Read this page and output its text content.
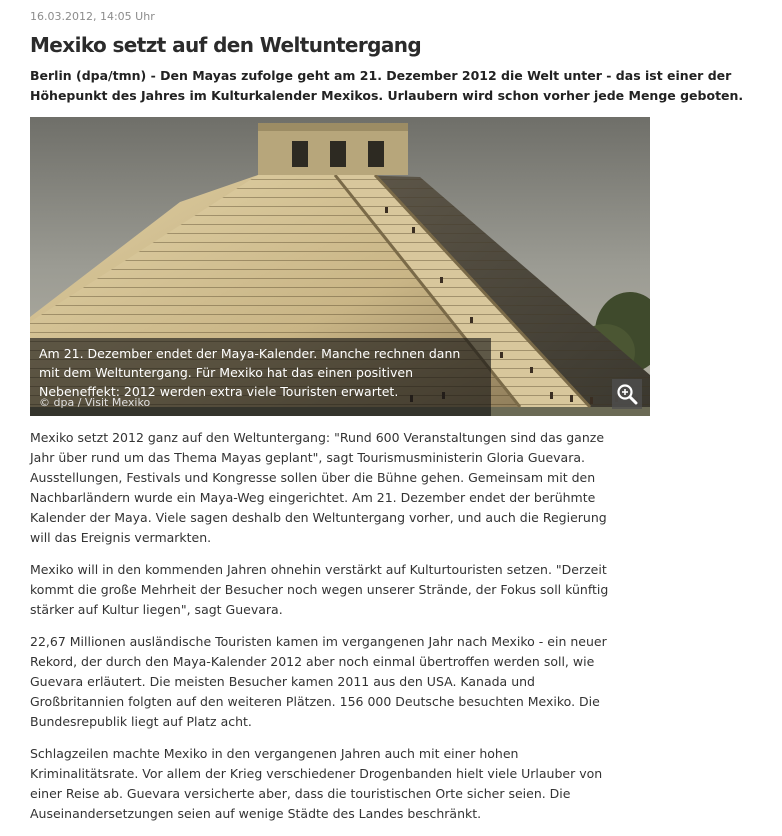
16.03.2012, 14:05 Uhr
Mexiko setzt auf den Weltuntergang
Berlin (dpa/tmn) - Den Mayas zufolge geht am 21. Dezember 2012 die Welt unter - das ist einer der
Höhepunkt des Jahres im Kulturkalender Mexikos. Urlaubern wird schon vorher jede Menge geboten.
Am 21. Dezember endet der Maya-Kalender. Manche rechnen dann
mit dem Weltuntergang. Für Mexiko hat das einen positiven
Nebeneffekt: 2012 werden extra viele Touristen erwartet.
© dpa / Visit Mexiko

Mexiko setzt 2012 ganz auf den Weltuntergang: "Rund 600 Veranstaltungen sind das ganze
Jahr über rund um das Thema Mayas geplant", sagt Tourismusministerin Gloria Guevara.
Ausstellungen, Festivals und Kongresse sollen über die Bühne gehen. Gemeinsam mit den
Nachbarländern wurde ein Maya-Weg eingerichtet. Am 21. Dezember endet der berühmte
Kalender der Maya. Viele sagen deshalb den Weltuntergang vorher, und auch die Regierung
will das Ereignis vermarkten.

Mexiko will in den kommenden Jahren ohnehin verstärkt auf Kulturtouristen setzen. "Derzeit
kommt die große Mehrheit der Besucher noch wegen unserer Strände, der Fokus soll künftig
stärker auf Kultur liegen", sagt Guevara.

22,67 Millionen ausländische Touristen kamen im vergangenen Jahr nach Mexiko - ein neuer
Rekord, der durch den Maya-Kalender 2012 aber noch einmal übertroffen werden soll, wie
Guevara erläutert. Die meisten Besucher kamen 2011 aus den USA. Kanada und
Großbritannien folgten auf den weiteren Plätzen. 156 000 Deutsche besuchten Mexiko. Die
Bundesrepublik liegt auf Platz acht.

Schlagzeilen machte Mexiko in den vergangenen Jahren auch mit einer hohen
Kriminalitätsrate. Vor allem der Krieg verschiedener Drogenbanden hielt viele Urlauber von
einer Reise ab. Guevara versicherte aber, dass die touristischen Orte sicher seien. Die
Auseinandersetzungen seien auf wenige Städte des Landes beschränkt.
